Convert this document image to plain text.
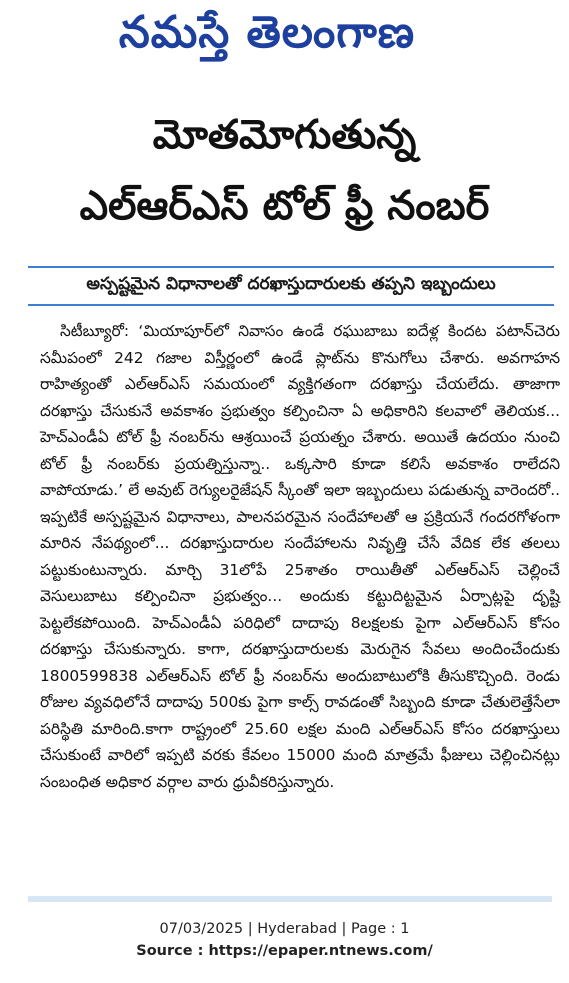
నమస్తే తెలంగాణ
మోతమోగుతున్న
ఎల్‌ఆర్‌ఎస్ టోల్ ఫ్రీ నంబర్
అస్పష్టమైన విధానాలతో దరఖాస్తుదారులకు తప్పని ఇబ్బందులు

సిటీబ్యూరో: ‘మియాపూర్‌లో నివాసం ఉండే రఘుబాబు ఐదేళ్ల కిందట పటాన్‌చెరు సమీపంలో 242 గజాల విస్తీర్ణంలో ఉండే ప్లాట్‌ను కొనుగోలు చేశారు. అవగాహన రాహిత్యంతో ఎల్‌ఆర్‌ఎస్ సమయంలో వ్యక్తిగతంగా దరఖాస్తు చేయలేదు. తాజాగా దరఖాస్తు చేసుకునే అవకాశం ప్రభుత్వం కల్పించినా ఏ అధికారిని కలవాలో తెలియక... హెచ్‌ఎండీఏ టోల్ ఫ్రీ నంబర్‌ను ఆశ్రయించే ప్రయత్నం చేశారు. అయితే ఉదయం నుంచి టోల్ ఫ్రీ నంబర్‌కు ప్రయత్నిస్తున్నా.. ఒక్కసారి కూడా కలిసే అవకాశం రాలేదని వాపోయాడు.’ లే అవుట్ రెగ్యులరైజేషన్ స్కీంతో ఇలా ఇబ్బందులు పడుతున్న వారెందరో.. ఇప్పటికే అస్పష్టమైన విధానాలు, పాలనపరమైన సందేహాలతో ఆ ప్రక్రియనే గందరగోళంగా మారిన నేపథ్యంలో... దరఖాస్తుదారుల సందేహాలను నివృత్తి చేసే వేదిక లేక తలలు పట్టుకుంటున్నారు. మార్చి 31లోపే 25శాతం రాయితీతో ఎల్‌ఆర్‌ఎస్ చెల్లించే వెసులుబాటు కల్పించినా ప్రభుత్వం... అందుకు కట్టుదిట్టమైన ఏర్పాట్లపై దృష్టి పెట్టలేకపోయింది. హెచ్‌ఎండీఏ పరిధిలో దాదాపు 8లక్షలకు పైగా ఎల్‌ఆర్‌ఎస్ కోసం దరఖాస్తు చేసుకున్నారు. కాగా, దరఖాస్తుదారులకు మెరుగైన సేవలు అందించేందుకు 1800599838 ఎల్‌ఆర్‌ఎస్ టోల్ ఫ్రీ నంబర్‌ను అందుబాటులోకి తీసుకొచ్చింది. రెండు రోజుల వ్యవధిలోనే దాదాపు 500కు పైగా కాల్స్ రావడంతో సిబ్బంది కూడా చేతులెత్తేసేలా పరిస్థితి మారింది.కాగా రాష్ట్రంలో 25.60 లక్షల మంది ఎల్‌ఆర్‌ఎస్ కోసం దరఖాస్తులు చేసుకుంటే వారిలో ఇప్పటి వరకు కేవలం 15000 మంది మాత్రమే ఫీజులు చెల్లించినట్లు సంబంధిత అధికార వర్గాల వారు ధ్రువీకరిస్తున్నారు.

07/03/2025 | Hyderabad | Page : 1
Source : https://epaper.ntnews.com/
